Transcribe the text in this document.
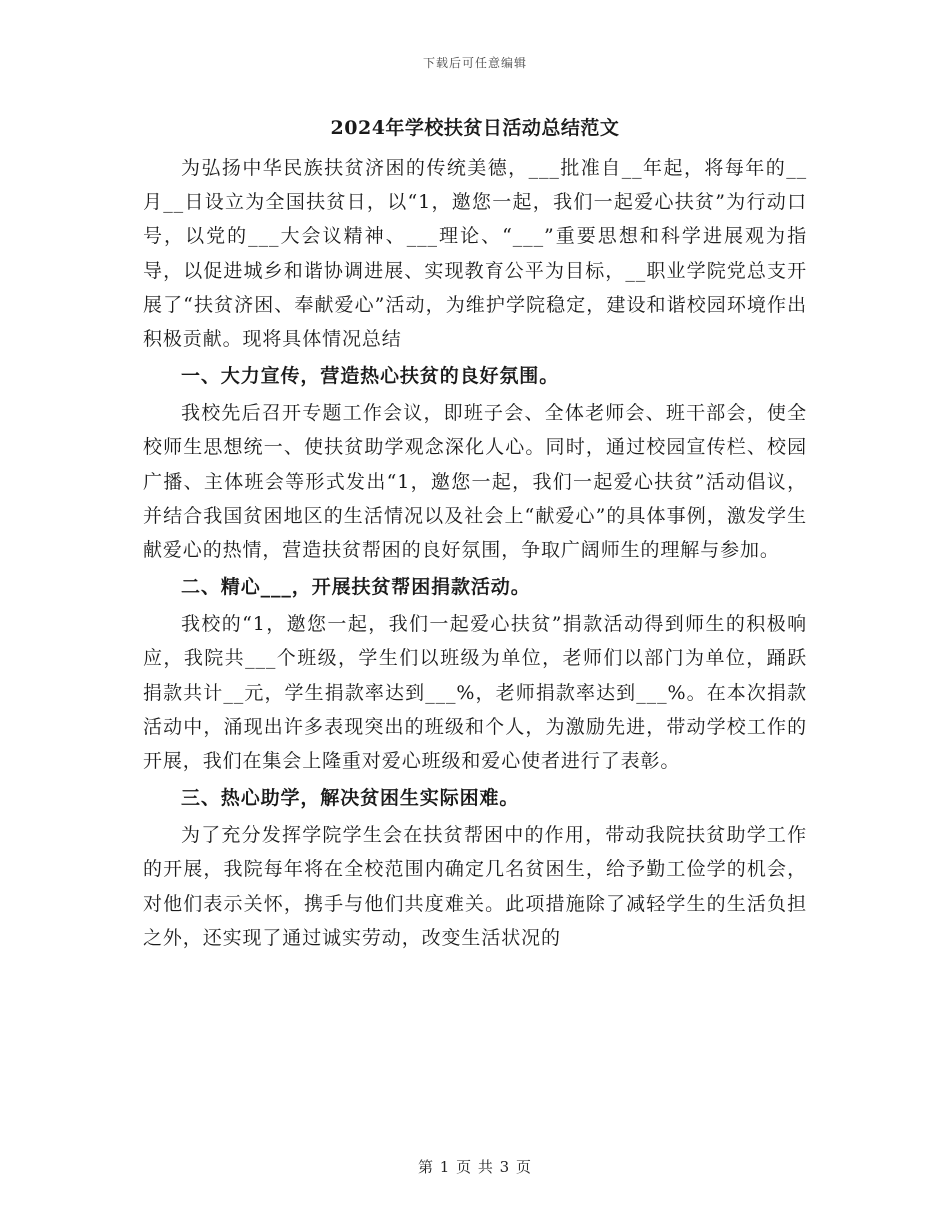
下载后可任意编辑
2024年学校扶贫日活动总结范文

为弘扬中华民族扶贫济困的传统美德，___批准自__年起，将每年的__月__日设立为全国扶贫日，以“1，邀您一起，我们一起爱心扶贫”为行动口号，以党的___大会议精神、___理论、“___”重要思想和科学进展观为指导，以促进城乡和谐协调进展、实现教育公平为目标，__职业学院党总支开展了“扶贫济困、奉献爱心”活动，为维护学院稳定，建设和谐校园环境作出积极贡献。现将具体情况总结

一、大力宣传，营造热心扶贫的良好氛围。

我校先后召开专题工作会议，即班子会、全体老师会、班干部会，使全校师生思想统一、使扶贫助学观念深化人心。同时，通过校园宣传栏、校园广播、主体班会等形式发出“1，邀您一起，我们一起爱心扶贫”活动倡议，并结合我国贫困地区的生活情况以及社会上“献爱心”的具体事例，激发学生献爱心的热情，营造扶贫帮困的良好氛围，争取广阔师生的理解与参加。

二、精心___，开展扶贫帮困捐款活动。

我校的“1，邀您一起，我们一起爱心扶贫”捐款活动得到师生的积极响应，我院共___个班级，学生们以班级为单位，老师们以部门为单位，踊跃捐款共计__元，学生捐款率达到___%，老师捐款率达到___%。在本次捐款活动中，涌现出许多表现突出的班级和个人，为激励先进，带动学校工作的开展，我们在集会上隆重对爱心班级和爱心使者进行了表彰。

三、热心助学，解决贫困生实际困难。

为了充分发挥学院学生会在扶贫帮困中的作用，带动我院扶贫助学工作的开展，我院每年将在全校范围内确定几名贫困生，给予勤工俭学的机会，对他们表示关怀，携手与他们共度难关。此项措施除了减轻学生的生活负担之外，还实现了通过诚实劳动，改变生活状况的

第 1 页 共 3 页
